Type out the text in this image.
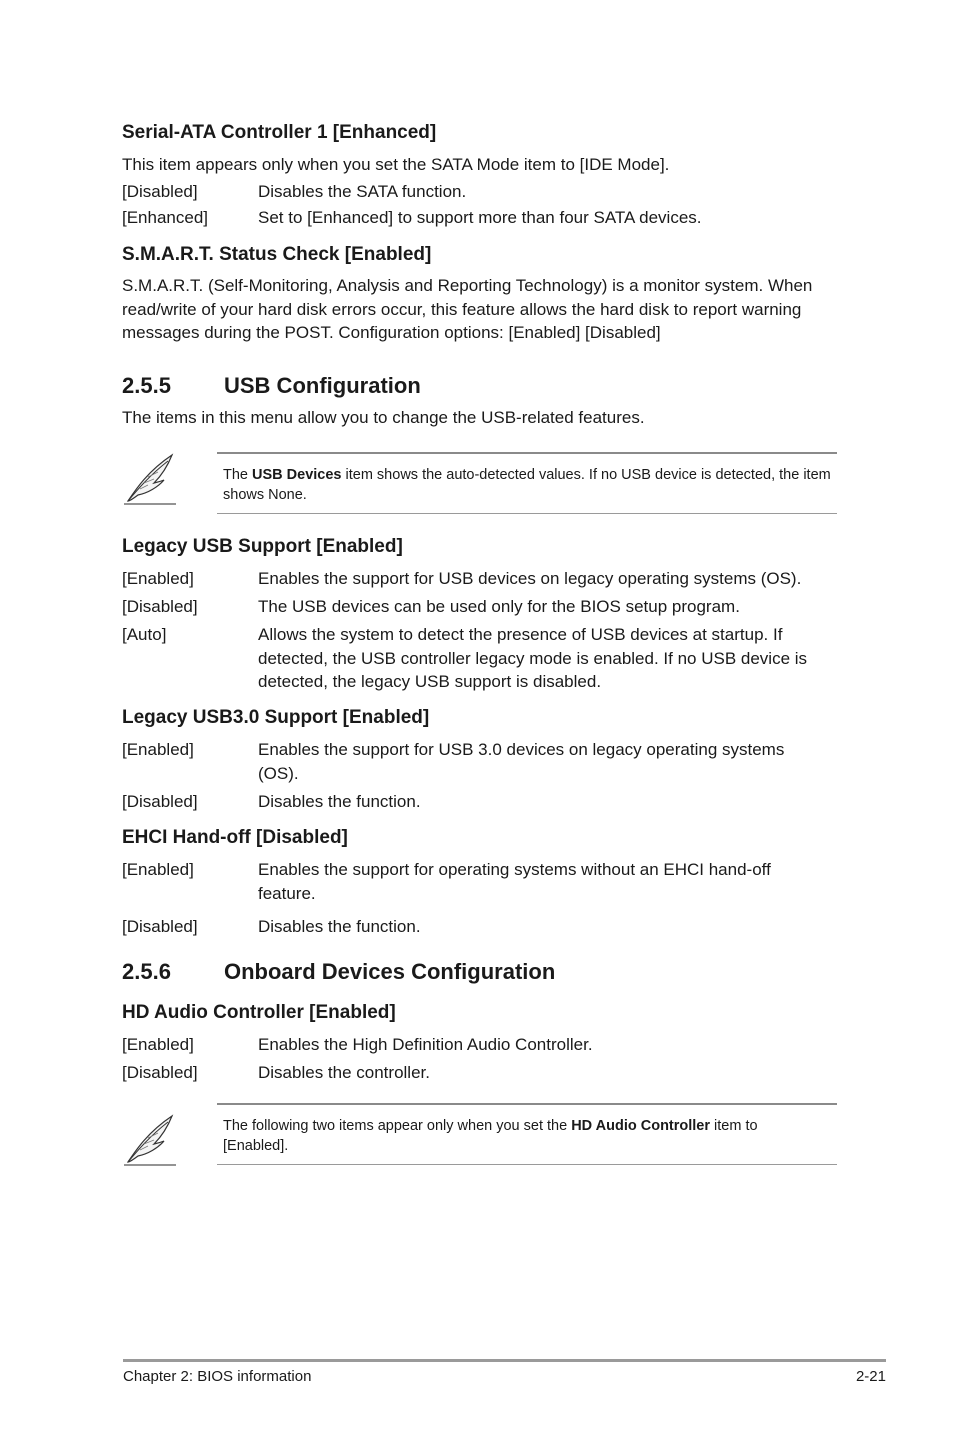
Serial-ATA Controller 1 [Enhanced]
This item appears only when you set the SATA Mode item to [IDE Mode].
[Disabled]	Disables the SATA function.
[Enhanced]	Set to [Enhanced] to support more than four SATA devices.
S.M.A.R.T. Status Check [Enabled]
S.M.A.R.T. (Self-Monitoring, Analysis and Reporting Technology) is a monitor system. When read/write of your hard disk errors occur, this feature allows the hard disk to report warning messages during the POST. Configuration options: [Enabled] [Disabled]
2.5.5 USB Configuration
The items in this menu allow you to change the USB-related features.
The USB Devices item shows the auto-detected values. If no USB device is detected, the item shows None.
Legacy USB Support [Enabled]
[Enabled]	Enables the support for USB devices on legacy operating systems (OS).
[Disabled]	The USB devices can be used only for the BIOS setup program.
[Auto]	Allows the system to detect the presence of USB devices at startup. If detected, the USB controller legacy mode is enabled. If no USB device is detected, the legacy USB support is disabled.
Legacy USB3.0 Support [Enabled]
[Enabled]	Enables the support for USB 3.0 devices on legacy operating systems (OS).
[Disabled]	Disables the function.
EHCI Hand-off [Disabled]
[Enabled]	Enables the support for operating systems without an EHCI hand-off feature.
[Disabled]	Disables the function.
2.5.6 Onboard Devices Configuration
HD Audio Controller [Enabled]
[Enabled]	Enables the High Definition Audio Controller.
[Disabled]	Disables the controller.
The following two items appear only when you set the HD Audio Controller item to [Enabled].
Chapter 2: BIOS information	2-21
